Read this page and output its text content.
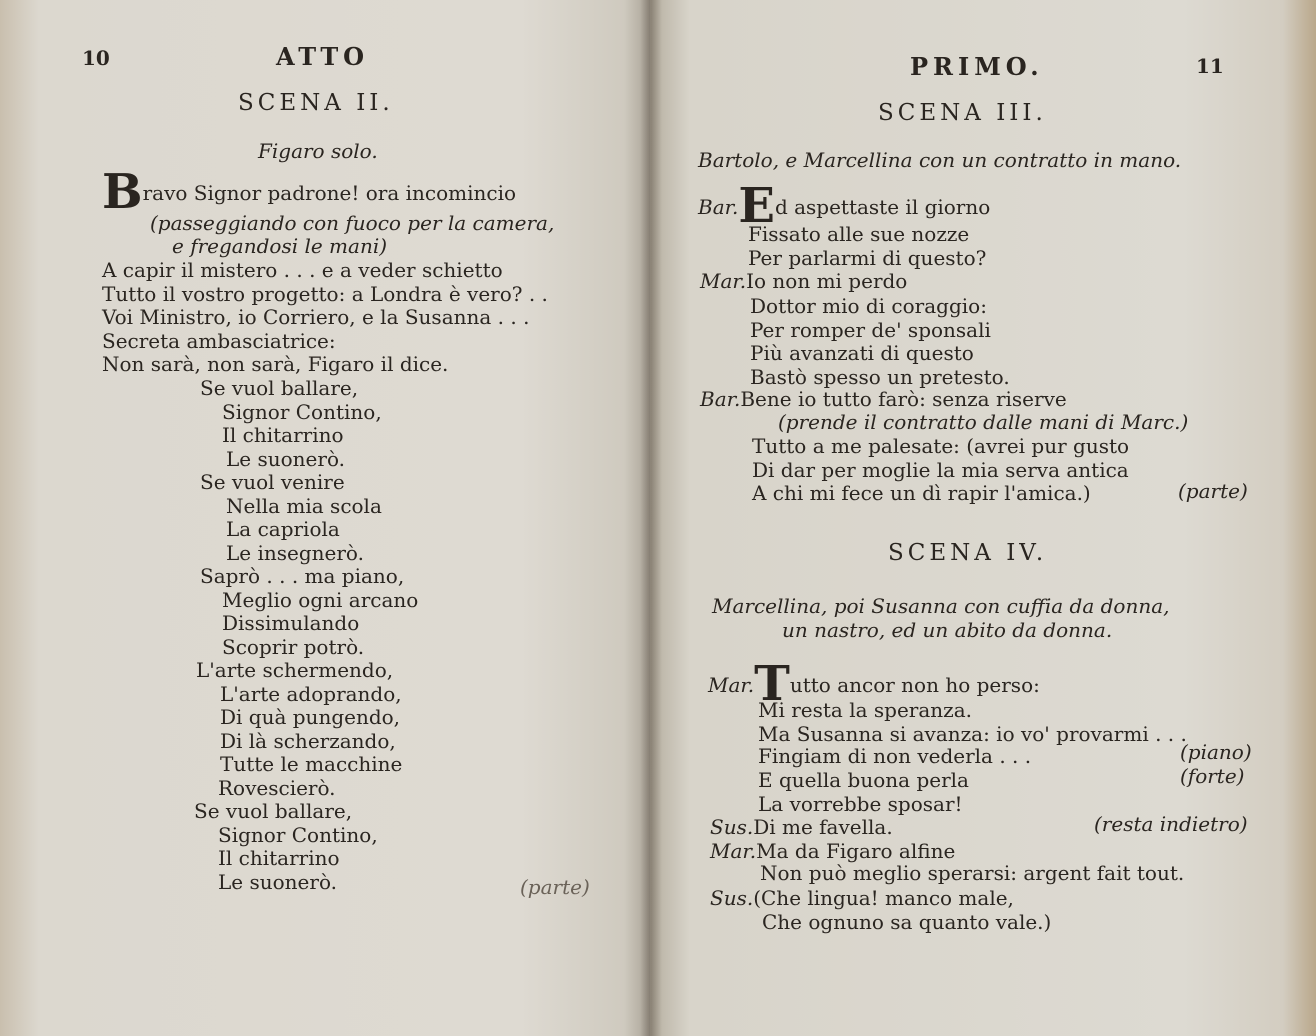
10	ATTO
SCENA II.
Figaro solo.
Bravo Signor padrone! ora incomincio
(passeggiando con fuoco per la camera,
e fregandosi le mani)
A capir il mistero . . . e a veder schietto
Tutto il vostro progetto: a Londra è vero? . .
Voi Ministro, io Corriero, e la Susanna . . .
Secreta ambasciatrice:
Non sarà, non sarà, Figaro il dice.
Se vuol ballare,
Signor Contino,
Il chitarrino
Le suonerò.
Se vuol venire
Nella mia scola
La capriola
Le insegnerò.
Saprò . . . ma piano,
Meglio ogni arcano
Dissimulando
Scoprir potrò.
L'arte schermendo,
L'arte adoprando,
Di quà pungendo,
Di là scherzando,
Tutte le macchine
Rovescierò.
Se vuol ballare,
Signor Contino,
Il chitarrino
Le suonerò.	(parte)
PRIMO.	11
SCENA III.
Bartolo, e Marcellina con un contratto in mano.
Bar.Ed aspettaste il giorno
Fissato alle sue nozze
Per parlarmi di questo?
Mar.Io non mi perdo
Dottor mio di coraggio:
Per romper de' sponsali
Più avanzati di questo
Bastò spesso un pretesto.
Bar.Bene io tutto farò: senza riserve
(prende il contratto dalle mani di Marc.)
Tutto a me palesate: (avrei pur gusto
Di dar per moglie la mia serva antica
A chi mi fece un dì rapir l'amica.)	(parte)
SCENA IV.
Marcellina, poi Susanna con cuffia da donna,
un nastro, ed un abito da donna.
Mar.Tutto ancor non ho perso:
Mi resta la speranza.
Ma Susanna si avanza: io vo' provarmi . . .
Fingiam di non vederla . . .	(piano)
E quella buona perla	(forte)
La vorrebbe sposar!
Sus.Di me favella.	(resta indietro)
Mar.Ma da Figaro alfine
Non può meglio sperarsi: argent fait tout.
Sus.(Che lingua! manco male,
Che ognuno sa quanto vale.)
